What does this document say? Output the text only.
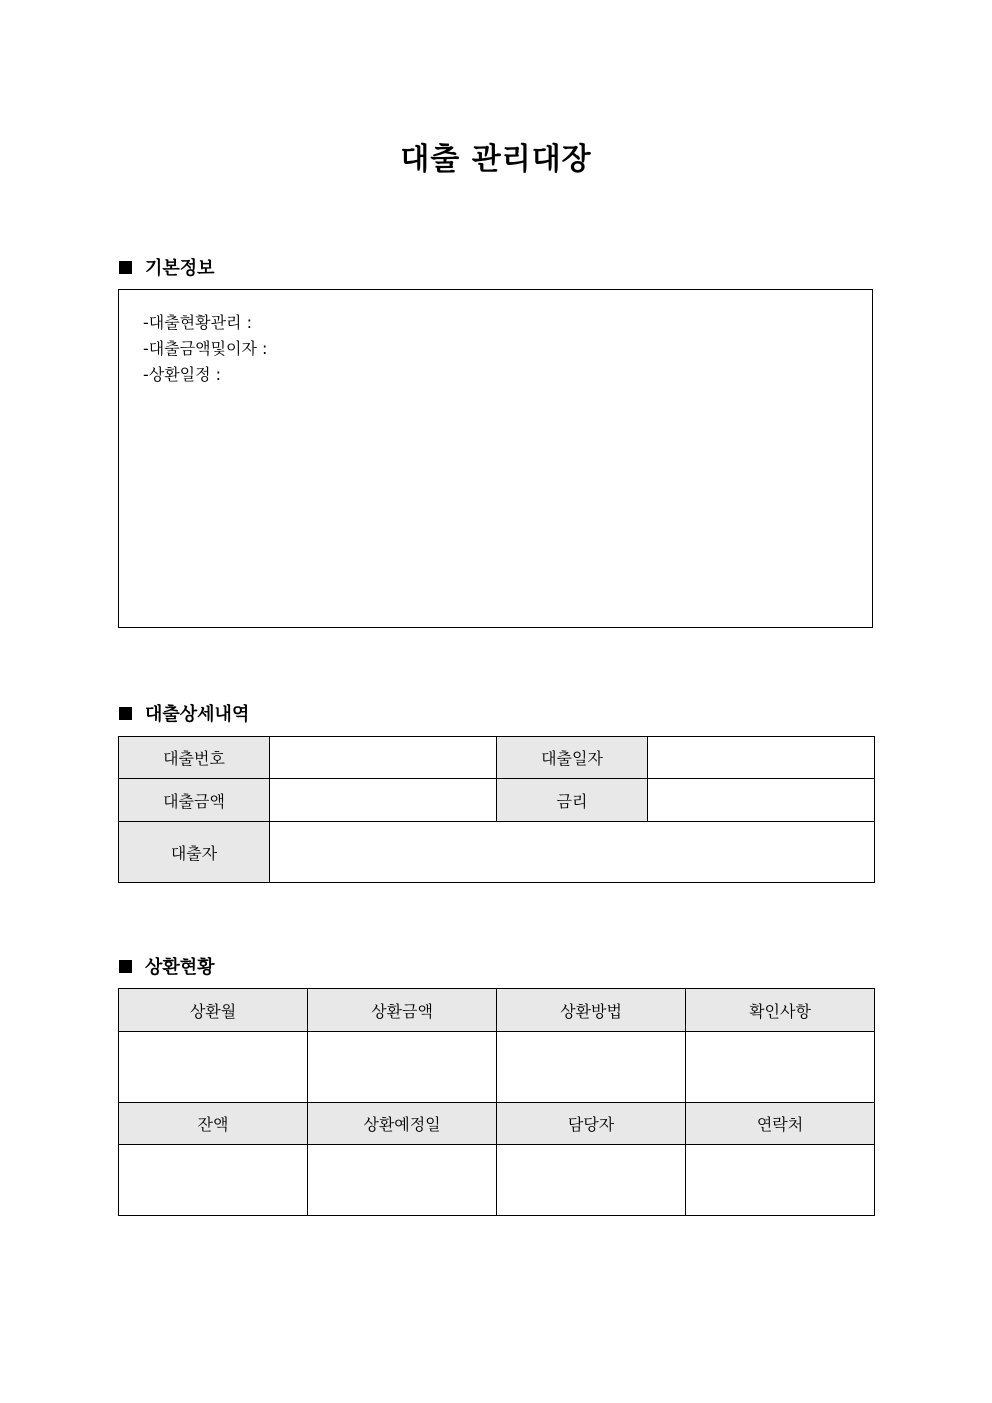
대출 관리대장
기본정보
-대출현황관리 :
-대출금액및이자 :
-상환일정 :
대출상세내역
대출번호		대출일자	
대출금액		금리	
대출자			
상환현황
상환월	상환금액	상환방법	확인사항

잔액	상환예정일	담당자	연락처
